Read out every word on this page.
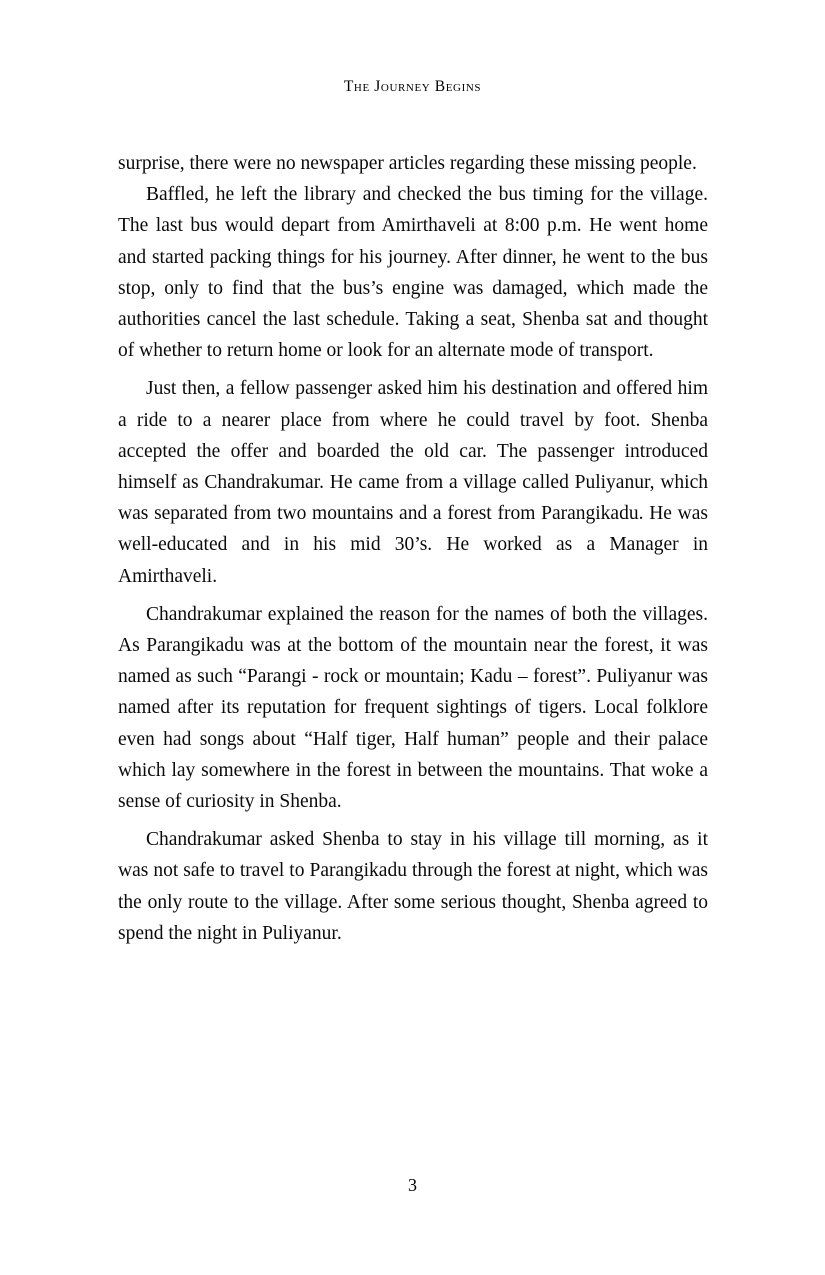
The Journey Begins

surprise, there were no newspaper articles regarding these missing people.

Baffled, he left the library and checked the bus timing for the village. The last bus would depart from Amirthaveli at 8:00 p.m. He went home and started packing things for his journey. After dinner, he went to the bus stop, only to find that the bus’s engine was damaged, which made the authorities cancel the last schedule. Taking a seat, Shenba sat and thought of whether to return home or look for an alternate mode of transport.

Just then, a fellow passenger asked him his destination and offered him a ride to a nearer place from where he could travel by foot. Shenba accepted the offer and boarded the old car. The passenger introduced himself as Chandrakumar. He came from a village called Puliyanur, which was separated from two mountains and a forest from Parangikadu. He was well-educated and in his mid 30’s. He worked as a Manager in Amirthaveli.

Chandrakumar explained the reason for the names of both the villages. As Parangikadu was at the bottom of the mountain near the forest, it was named as such “Parangi - rock or mountain; Kadu – forest”. Puliyanur was named after its reputation for frequent sightings of tigers. Local folklore even had songs about “Half tiger, Half human” people and their palace which lay somewhere in the forest in between the mountains. That woke a sense of curiosity in Shenba.

Chandrakumar asked Shenba to stay in his village till morning, as it was not safe to travel to Parangikadu through the forest at night, which was the only route to the village. After some serious thought, Shenba agreed to spend the night in Puliyanur.

3
